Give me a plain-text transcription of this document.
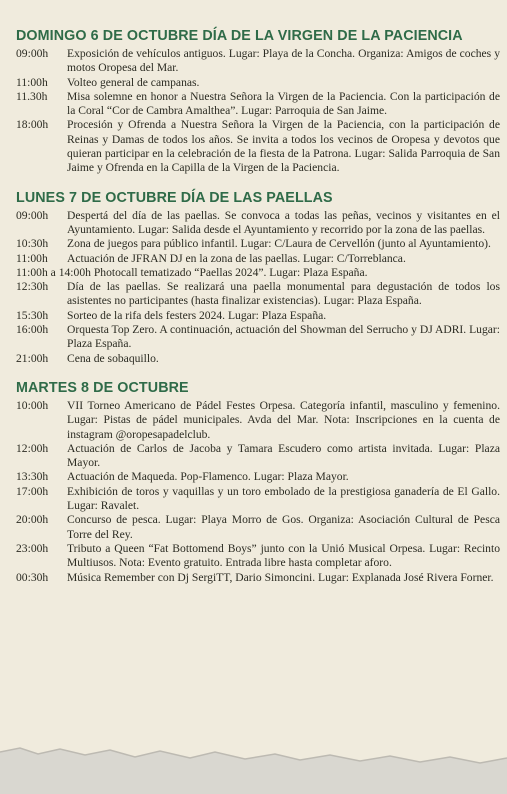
DOMINGO 6 DE OCTUBRE DÍA DE LA VIRGEN DE LA PACIENCIA
09:00h	Exposición de vehículos antiguos. Lugar: Playa de la Concha. Organiza: Amigos de coches y motos Oropesa del Mar.
11:00h	Volteo general de campanas.
11.30h	Misa solemne en honor a Nuestra Señora la Virgen de la Paciencia. Con la participación de la Coral “Cor de Cambra Amalthea”. Lugar: Parroquia de San Jaime.
18:00h	Procesión y Ofrenda a Nuestra Señora la Virgen de la Paciencia, con la participación de Reinas y Damas de todos los años. Se invita a todos los vecinos de Oropesa y devotos que quieran participar en la celebración de la fiesta de la Patrona. Lugar: Salida Parroquia de San Jaime y Ofrenda en la Capilla de la Virgen de la Paciencia.
LUNES 7 DE OCTUBRE DÍA DE LAS PAELLAS
09:00h	Despertá del día de las paellas. Se convoca a todas las peñas, vecinos y visitantes en el Ayuntamiento. Lugar: Salida desde el Ayuntamiento y recorrido por la zona de las paellas.
10:30h	Zona de juegos para público infantil. Lugar: C/Laura de Cervellón (junto al Ayuntamiento).
11:00h	Actuación de JFRAN DJ en la zona de las paellas. Lugar: C/Torreblanca.
11:00h a 14:00h Photocall tematizado “Paellas 2024”. Lugar: Plaza España.
12:30h	Día de las paellas. Se realizará una paella monumental para degustación de todos los asistentes no participantes (hasta finalizar existencias). Lugar: Plaza España.
15:30h	Sorteo de la rifa dels festers 2024. Lugar: Plaza España.
16:00h	Orquesta Top Zero. A continuación, actuación del Showman del Serrucho y DJ ADRI. Lugar: Plaza España.
21:00h	Cena de sobaquillo.
MARTES 8 DE OCTUBRE
10:00h	VII Torneo Americano de Pádel Festes Orpesa. Categoría infantil, masculino y femenino. Lugar: Pistas de pádel municipales. Avda del Mar. Nota: Inscripciones en la cuenta de instagram @oropesapadelclub.
12:00h	Actuación de Carlos de Jacoba y Tamara Escudero como artista invitada. Lugar: Plaza Mayor.
13:30h	Actuación de Maqueda. Pop-Flamenco. Lugar: Plaza Mayor.
17:00h	Exhibición de toros y vaquillas y un toro embolado de la prestigiosa ganadería de El Gallo. Lugar: Ravalet.
20:00h	Concurso de pesca. Lugar: Playa Morro de Gos. Organiza: Asociación Cultural de Pesca Torre del Rey.
23:00h	Tributo a Queen “Fat Bottomend Boys” junto con la Unió Musical Orpesa. Lugar: Recinto Multiusos. Nota: Evento gratuito. Entrada libre hasta completar aforo.
00:30h	Música Remember con Dj SergiTT, Dario Simoncini. Lugar: Explanada José Rivera Forner.
